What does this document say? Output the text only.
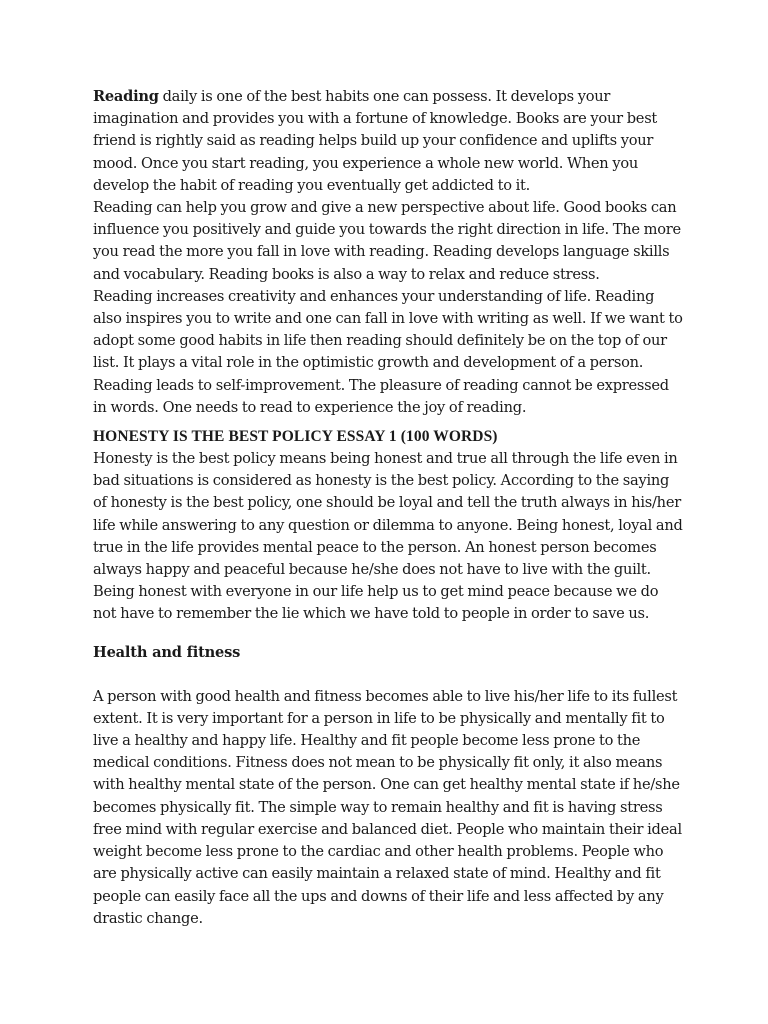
Reading daily is one of the best habits one can possess. It develops your imagination and provides you with a fortune of knowledge. Books are your best friend is rightly said as reading helps build up your confidence and uplifts your mood. Once you start reading, you experience a whole new world. When you develop the habit of reading you eventually get addicted to it.

Reading can help you grow and give a new perspective about life. Good books can influence you positively and guide you towards the right direction in life. The more you read the more you fall in love with reading. Reading develops language skills and vocabulary. Reading books is also a way to relax and reduce stress.

Reading increases creativity and enhances your understanding of life. Reading also inspires you to write and one can fall in love with writing as well. If we want to adopt some good habits in life then reading should definitely be on the top of our list. It plays a vital role in the optimistic growth and development of a person. Reading leads to self-improvement. The pleasure of reading cannot be expressed in words. One needs to read to experience the joy of reading.

HONESTY IS THE BEST POLICY ESSAY 1 (100 WORDS)

Honesty is the best policy means being honest and true all through the life even in bad situations is considered as honesty is the best policy. According to the saying of honesty is the best policy, one should be loyal and tell the truth always in his/her life while answering to any question or dilemma to anyone. Being honest, loyal and true in the life provides mental peace to the person. An honest person becomes always happy and peaceful because he/she does not have to live with the guilt. Being honest with everyone in our life help us to get mind peace because we do not have to remember the lie which we have told to people in order to save us.

Health and fitness

A person with good health and fitness becomes able to live his/her life to its fullest extent. It is very important for a person in life to be physically and mentally fit to live a healthy and happy life. Healthy and fit people become less prone to the medical conditions. Fitness does not mean to be physically fit only, it also means with healthy mental state of the person. One can get healthy mental state if he/she becomes physically fit. The simple way to remain healthy and fit is having stress free mind with regular exercise and balanced diet. People who maintain their ideal weight become less prone to the cardiac and other health problems. People who are physically active can easily maintain a relaxed state of mind. Healthy and fit people can easily face all the ups and downs of their life and less affected by any drastic change.
